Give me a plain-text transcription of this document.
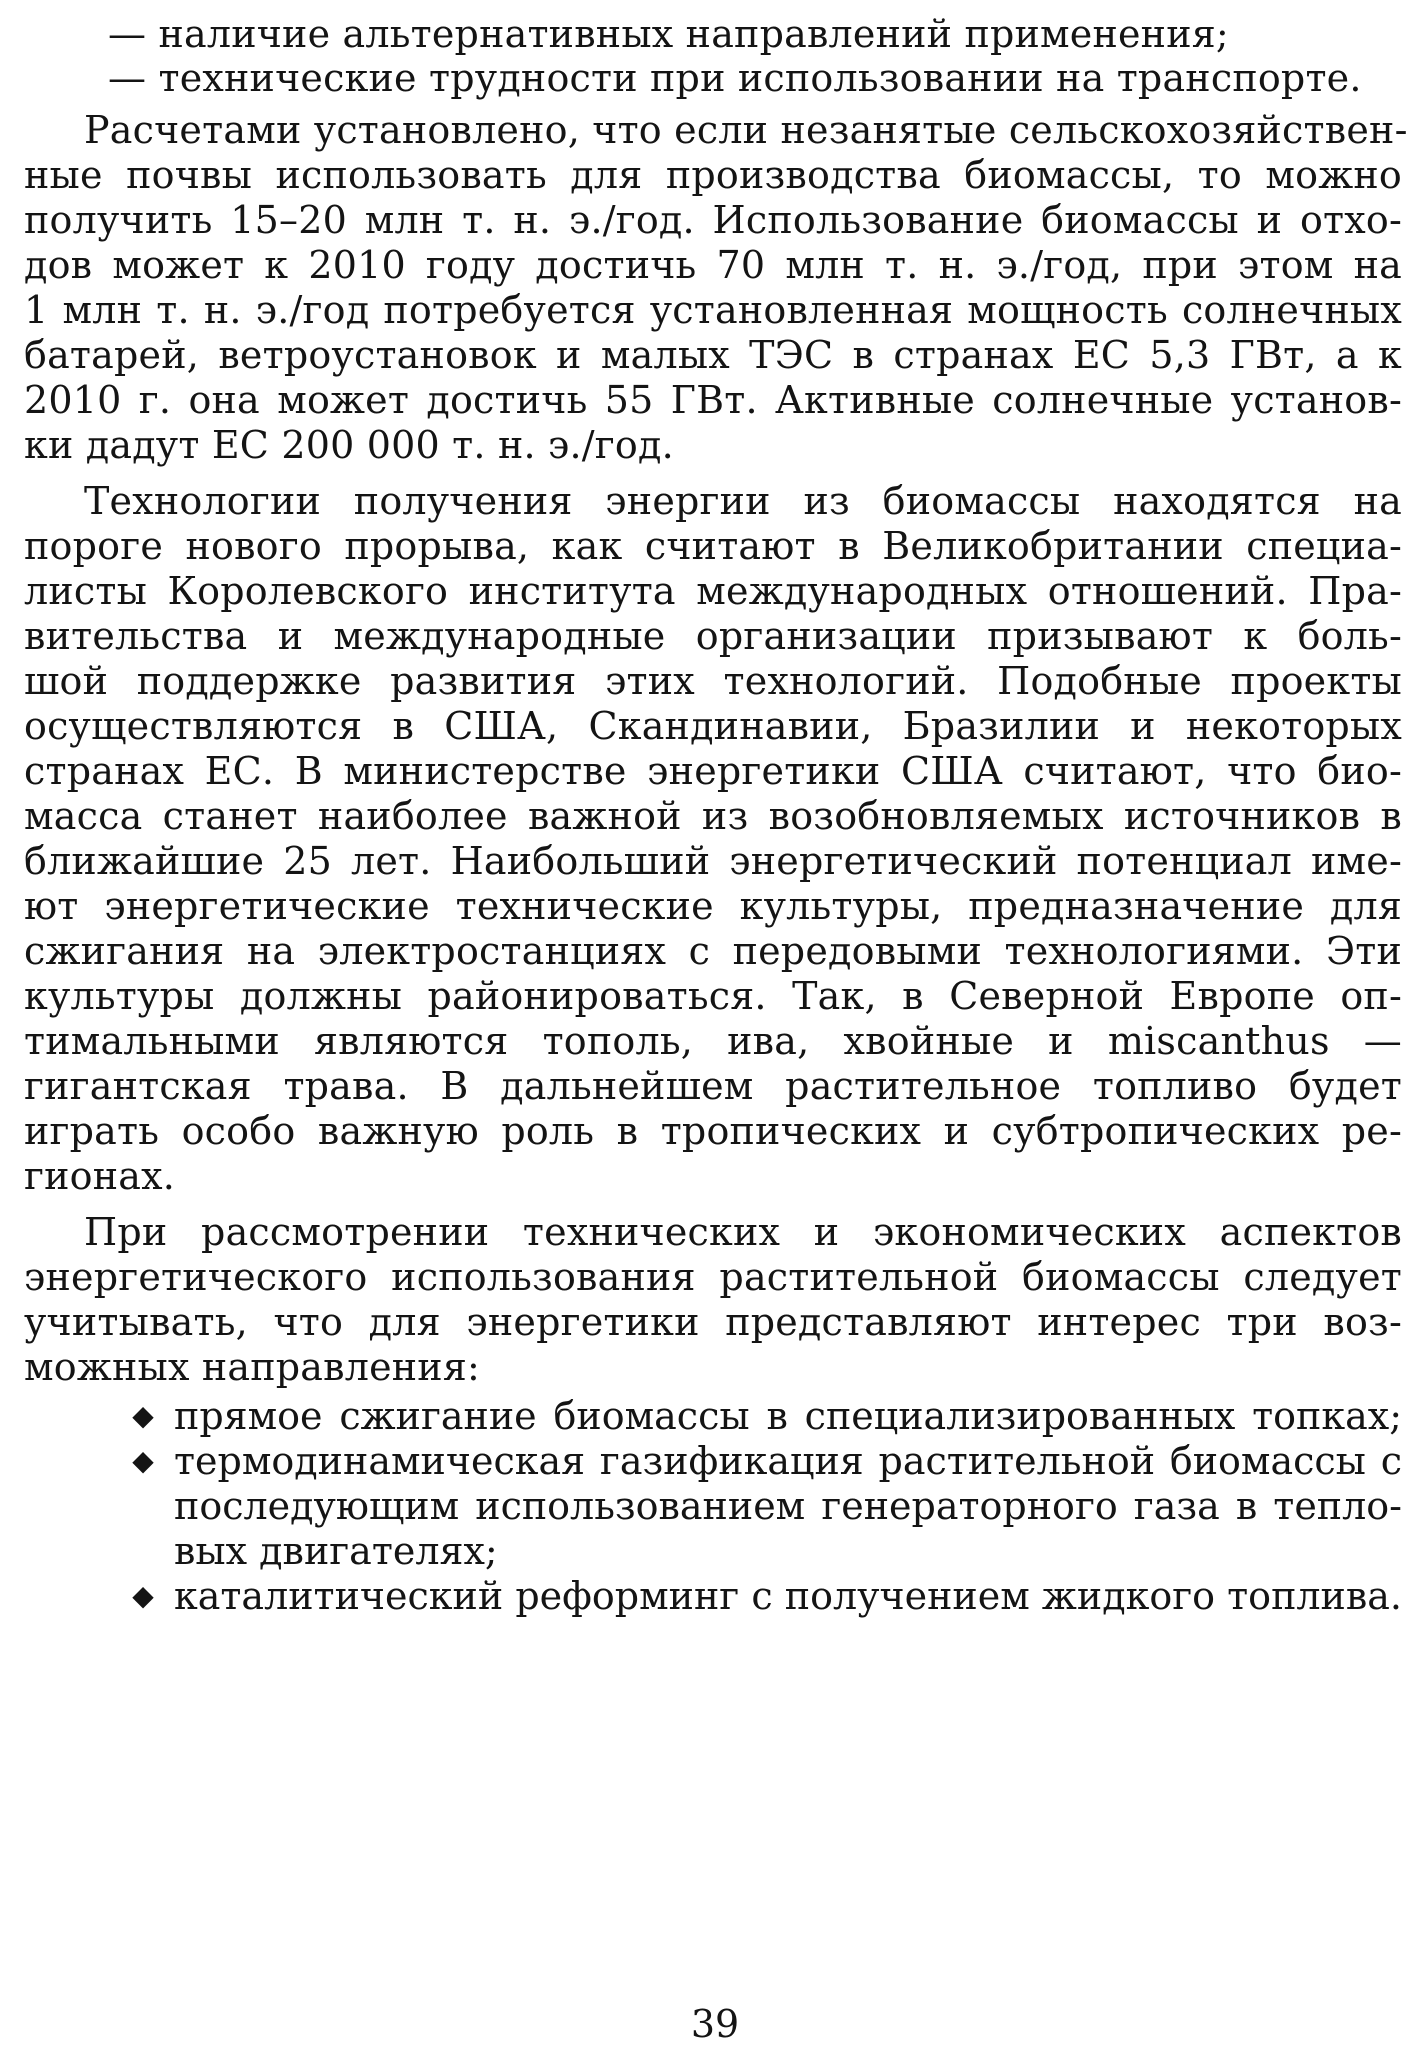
— наличие альтернативных направлений применения;
— технические трудности при использовании на транспорте.
Расчетами установлено, что если незанятые сельскохозяйствен-
ные почвы использовать для производства биомассы, то можно
получить 15–20 млн т. н. э./год. Использование биомассы и отхо-
дов может к 2010 году достичь 70 млн т. н. э./год, при этом на
1 млн т. н. э./год потребуется установленная мощность солнечных
батарей, ветроустановок и малых ТЭС в странах ЕС 5,3 ГВт, а к
2010 г. она может достичь 55 ГВт. Активные солнечные установ-
ки дадут ЕС 200 000 т. н. э./год.
Технологии получения энергии из биомассы находятся на
пороге нового прорыва, как считают в Великобритании специа-
листы Королевского института международных отношений. Пра-
вительства и международные организации призывают к боль-
шой поддержке развития этих технологий. Подобные проекты
осуществляются в США, Скандинавии, Бразилии и некоторых
странах ЕС. В министерстве энергетики США считают, что био-
масса станет наиболее важной из возобновляемых источников в
ближайшие 25 лет. Наибольший энергетический потенциал име-
ют энергетические технические культуры, предназначение для
сжигания на электростанциях с передовыми технологиями. Эти
культуры должны районироваться. Так, в Северной Европе оп-
тимальными являются тополь, ива, хвойные и miscanthus —
гигантская трава. В дальнейшем растительное топливо будет
играть особо важную роль в тропических и субтропических ре-
гионах.
При рассмотрении технических и экономических аспектов
энергетического использования растительной биомассы следует
учитывать, что для энергетики представляют интерес три воз-
можных направления:
◆ прямое сжигание биомассы в специализированных топках;
◆ термодинамическая газификация растительной биомассы с
последующим использованием генераторного газа в тепло-
вых двигателях;
◆ каталитический реформинг с получением жидкого топлива.
39
